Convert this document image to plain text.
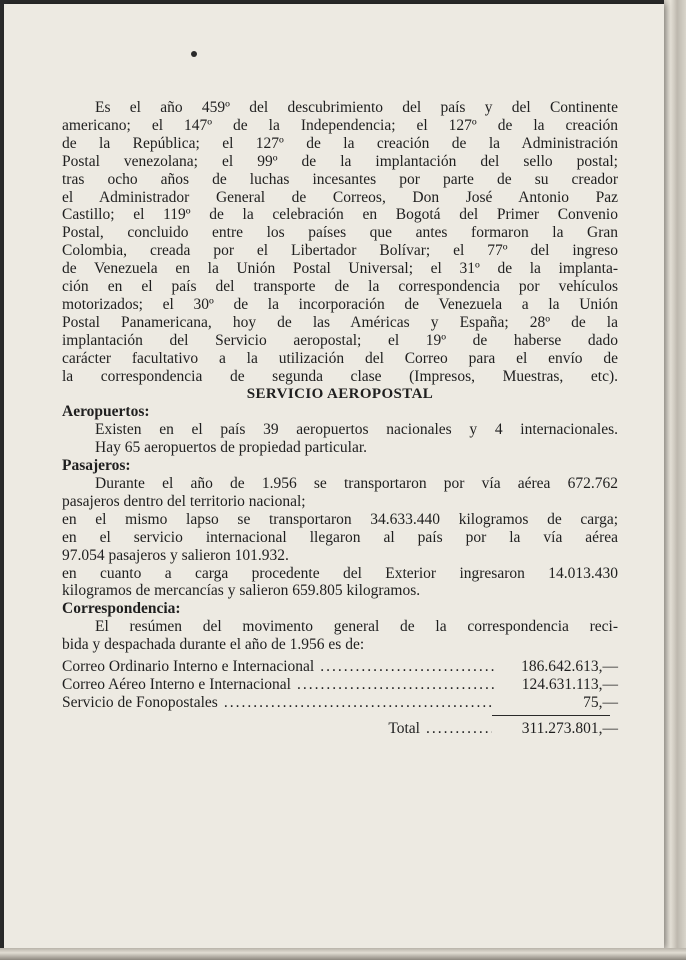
Es el año 459º del descubrimiento del país y del Continente

americano; el 147º de la Independencia; el 127º de la creación

de la República; el 127º de la creación de la Administración

Postal venezolana; el 99º de la implantación del sello postal;

tras ocho años de luchas incesantes por parte de su creador

el Administrador General de Correos, Don José Antonio Paz

Castillo; el 119º de la celebración en Bogotá del Primer Convenio

Postal, concluido entre los países que antes formaron la Gran

Colombia, creada por el Libertador Bolívar; el 77º del ingreso

de Venezuela en la Unión Postal Universal; el 31º de la implanta-

ción en el país del transporte de la correspondencia por vehículos

motorizados; el 30º de la incorporación de Venezuela a la Unión

Postal Panamericana, hoy de las Américas y España; 28º de la

implantación del Servicio aeropostal; el 19º de haberse dado

carácter facultativo a la utilización del Correo para el envío de

la correspondencia de segunda clase (Impresos, Muestras, etc).

SERVICIO AEROPOSTAL

Aeropuertos:

Existen en el país 39 aeropuertos nacionales y 4 internacionales.

Hay 65 aeropuertos de propiedad particular.

Pasajeros:

Durante el año de 1.956 se transportaron por vía aérea 672.762

pasajeros dentro del territorio nacional;

en el mismo lapso se transportaron 34.633.440 kilogramos de carga;

en el servicio internacional llegaron al país por la vía aérea

97.054 pasajeros y salieron 101.932.

en cuanto a carga procedente del Exterior ingresaron 14.013.430

kilogramos de mercancías y salieron 659.805 kilogramos.

Correspondencia:

El resúmen del movimento general de la correspondencia reci-

bida y despachada durante el año de 1.956 es de:

Correo Ordinario Interno e Internacional .....	186.642.613,—
Correo Aéreo Interno e Internacional .....	124.631.113,—
Servicio de Fonopostales .....	75,—
Total .....	311.273.801,—
